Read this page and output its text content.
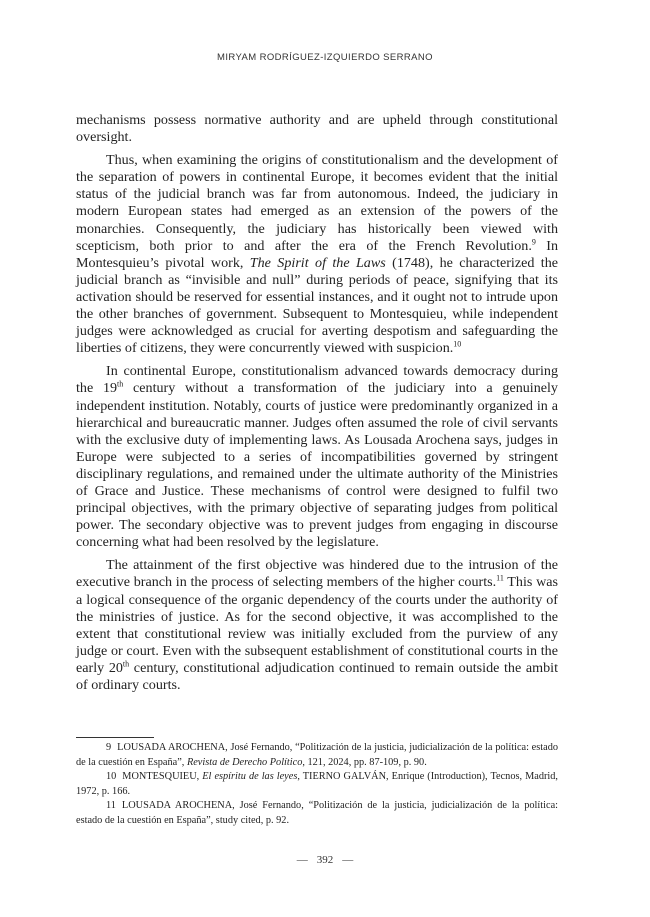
MIRYAM RODRÍGUEZ-IZQUIERDO SERRANO

mechanisms possess normative authority and are upheld through constitutional oversight.

Thus, when examining the origins of constitutionalism and the development of the separation of powers in continental Europe, it becomes evident that the initial status of the judicial branch was far from autonomous. Indeed, the judiciary in modern European states had emerged as an extension of the powers of the monarchies. Consequently, the judiciary has historically been viewed with scepticism, both prior to and after the era of the French Revolution.$^9$ In Montesquieu’s pivotal work, The Spirit of the Laws (1748), he characterized the judicial branch as “invisible and null” during periods of peace, signifying that its activation should be reserved for essential instances, and it ought not to intrude upon the other branches of government. Subsequent to Montesquieu, while independent judges were acknowledged as crucial for averting despotism and safeguarding the liberties of citizens, they were concurrently viewed with suspicion.$^{10}$

In continental Europe, constitutionalism advanced towards democracy during the 19th century without a transformation of the judiciary into a genuinely independent institution. Notably, courts of justice were predominantly organized in a hierarchical and bureaucratic manner. Judges often assumed the role of civil servants with the exclusive duty of implementing laws. As Lousada Arochena says, judges in Europe were subjected to a series of incompatibilities governed by stringent disciplinary regulations, and remained under the ultimate authority of the Ministries of Grace and Justice. These mechanisms of control were designed to fulfil two principal objectives, with the primary objective of separating judges from political power. The secondary objective was to prevent judges from engaging in discourse concerning what had been resolved by the legislature.

The attainment of the first objective was hindered due to the intrusion of the executive branch in the process of selecting members of the higher courts.$^{11}$ This was a logical consequence of the organic dependency of the courts under the authority of the ministries of justice. As for the second objective, it was accomplished to the extent that constitutional review was initially excluded from the purview of any judge or court. Even with the subsequent establishment of constitutional courts in the early 20th century, constitutional adjudication continued to remain outside the ambit of ordinary courts.

9 LOUSADA AROCHENA, José Fernando, “Politización de la justicia, judicialización de la política: estado de la cuestión en España”, Revista de Derecho Político, 121, 2024, pp. 87-109, p. 90.

10 MONTESQUIEU, El espíritu de las leyes, TIERNO GALVÁN, Enrique (Introduction), Tecnos, Madrid, 1972, p. 166.

11 LOUSADA AROCHENA, José Fernando, “Politización de la justicia, judicialización de la política: estado de la cuestión en España”, study cited, p. 92.

— 392 —
